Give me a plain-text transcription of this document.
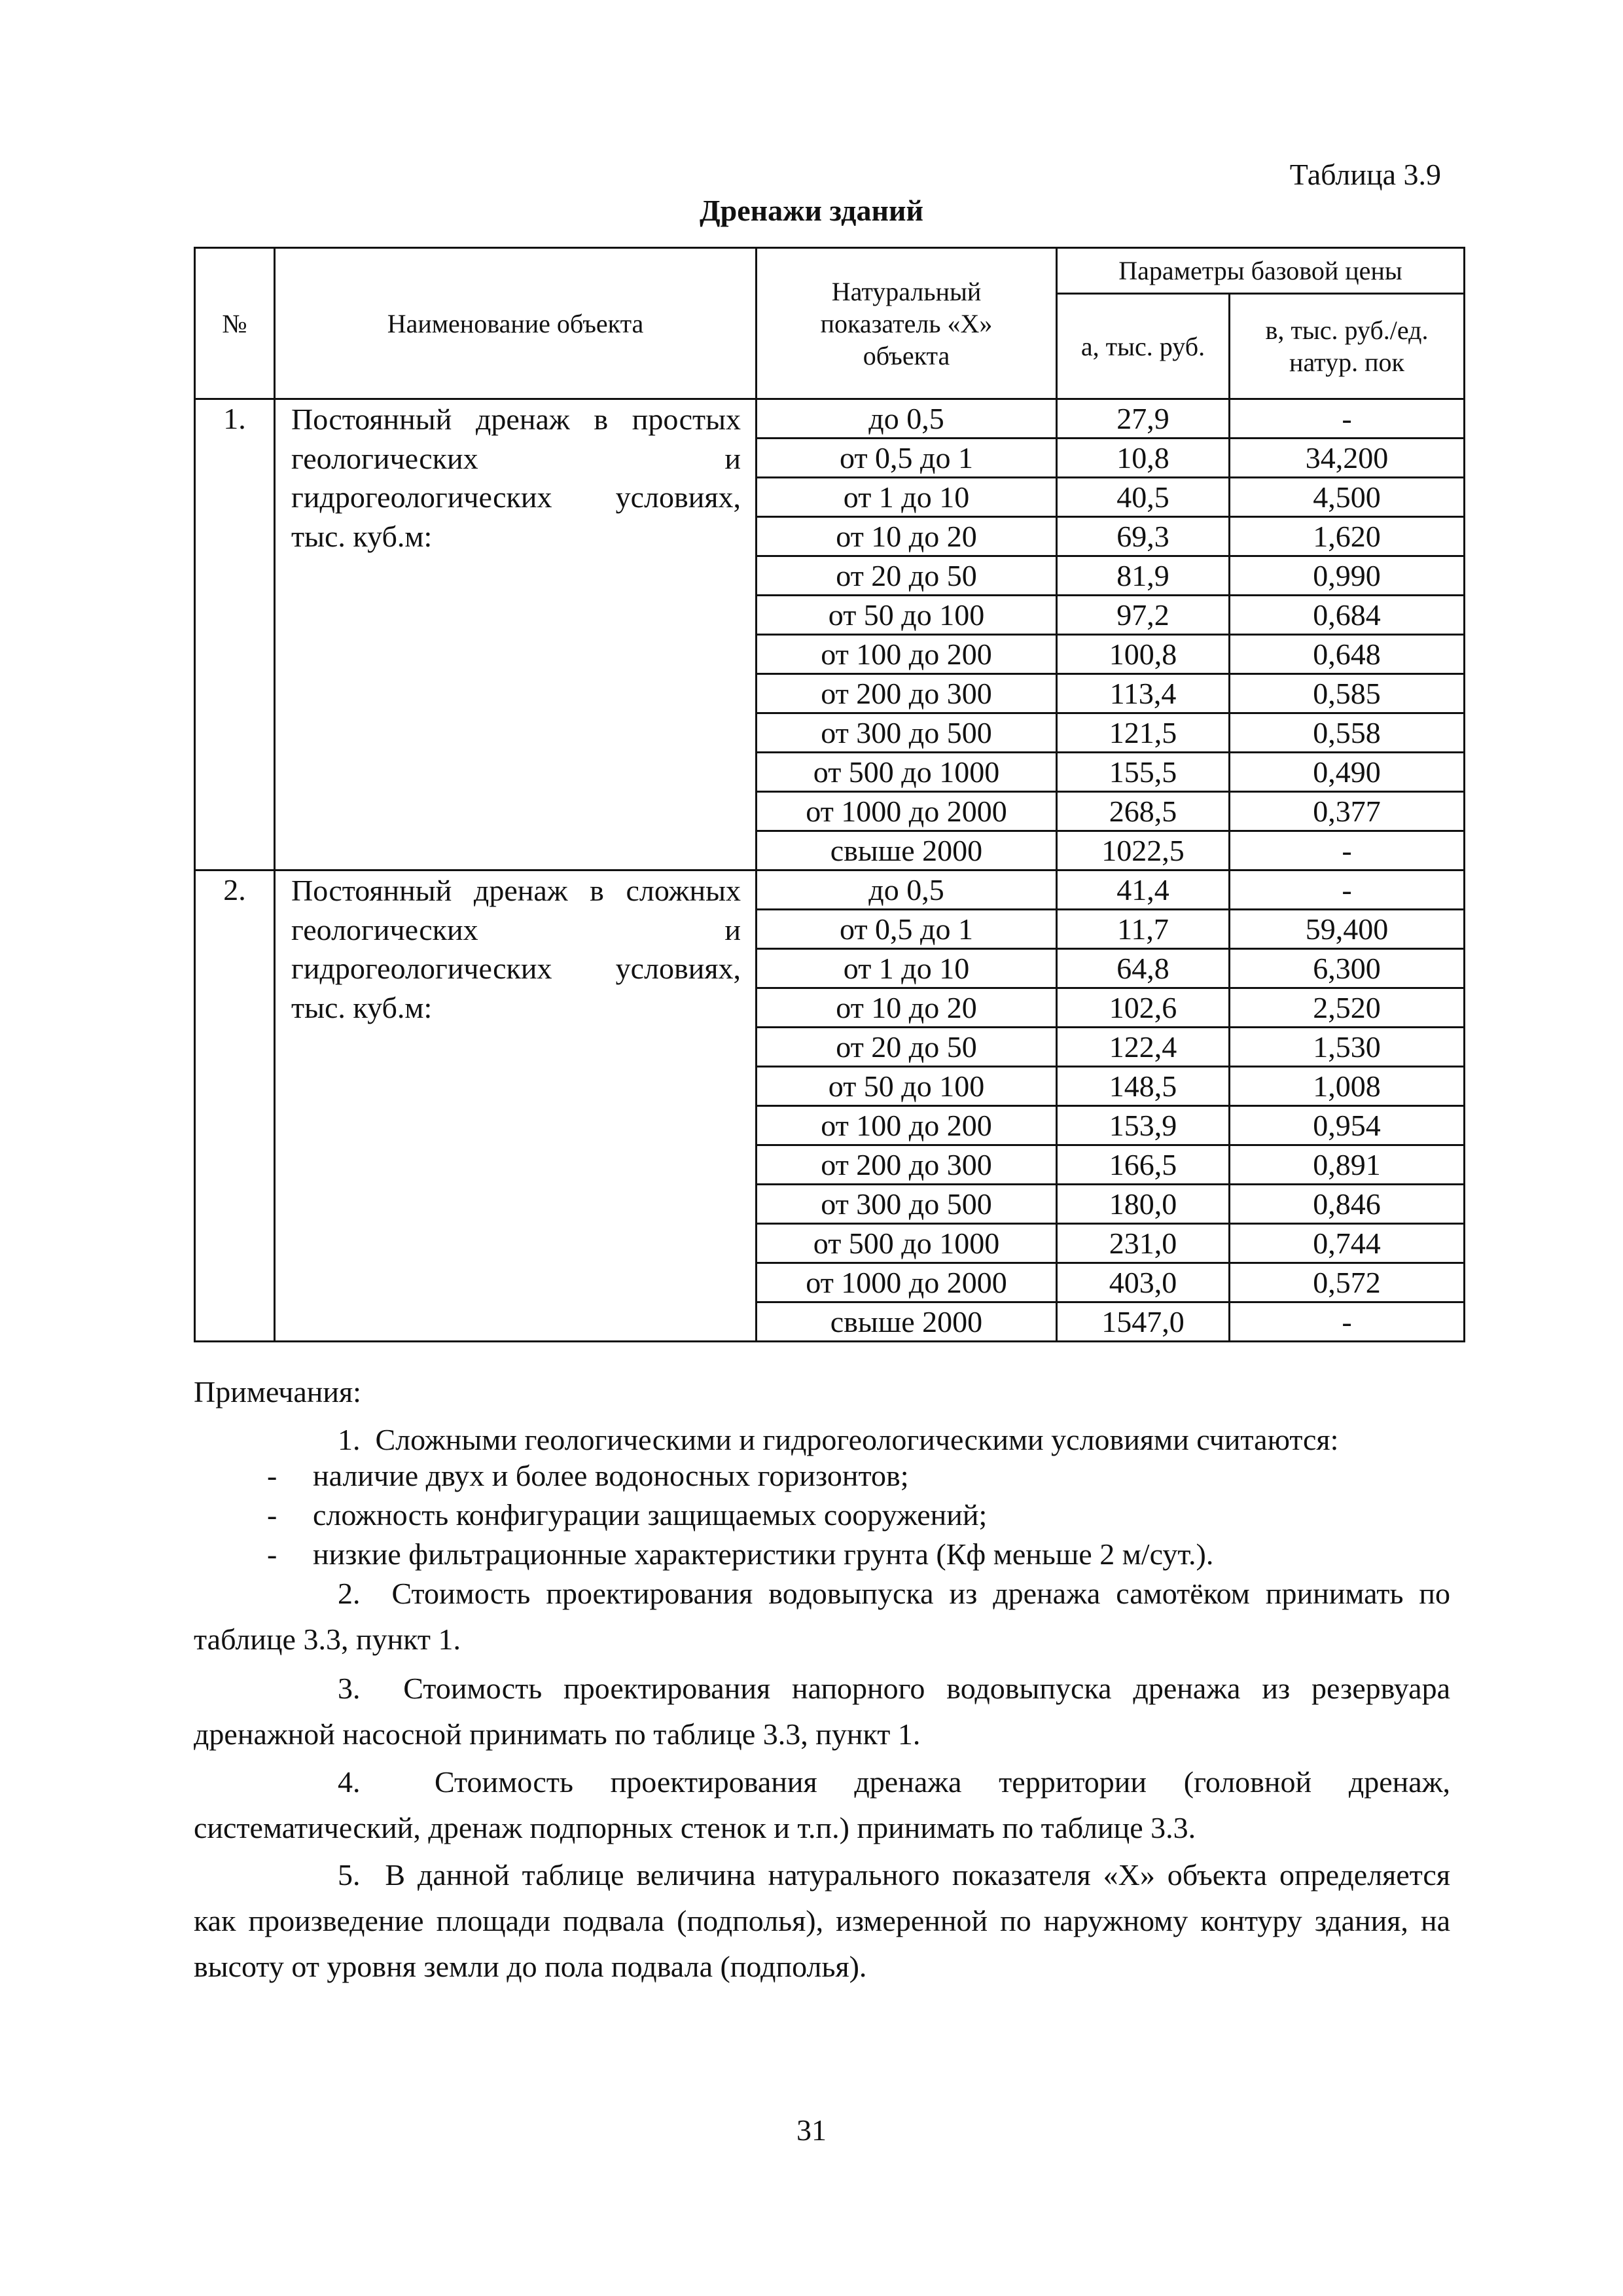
Таблица 3.9
Дренажи зданий
№	Наименование объекта	Натуральный показатель «Х» объекта	Параметры базовой цены	

			а, тыс. руб.	в, тыс. руб./ед. натур. пок

1.	Постоянный дренаж в простых геологических и гидрогеологических условиях, тыс. куб.м:	до 0,5	27,9	-
		от 0,5 до 1	10,8	34,200
		от 1 до 10	40,5	4,500
		от 10 до 20	69,3	1,620
		от 20 до 50	81,9	0,990
		от 50 до 100	97,2	0,684
		от 100 до 200	100,8	0,648
		от 200 до 300	113,4	0,585
		от 300 до 500	121,5	0,558
		от 500 до 1000	155,5	0,490
		от 1000 до 2000	268,5	0,377
		свыше 2000	1022,5	-
2.	Постоянный дренаж в сложных геологических и гидрогеологических условиях, тыс. куб.м:	до 0,5	41,4	-
		от 0,5 до 1	11,7	59,400
		от 1 до 10	64,8	6,300
		от 10 до 20	102,6	2,520
		от 20 до 50	122,4	1,530
		от 50 до 100	148,5	1,008
		от 100 до 200	153,9	0,954
		от 200 до 300	166,5	0,891
		от 300 до 500	180,0	0,846
		от 500 до 1000	231,0	0,744
		от 1000 до 2000	403,0	0,572
		свыше 2000	1547,0	-
Примечания:
1. Сложными геологическими и гидрогеологическими условиями считаются:
- наличие двух и более водоносных горизонтов;
- сложность конфигурации защищаемых сооружений;
- низкие фильтрационные характеристики грунта (Кф меньше 2 м/сут.).
2. Стоимость проектирования водовыпуска из дренажа самотёком принимать по таблице 3.3, пункт 1.
3. Стоимость проектирования напорного водовыпуска дренажа из резервуара дренажной насосной принимать по таблице 3.3, пункт 1.
4. Стоимость проектирования дренажа территории (головной дренаж, систематический, дренаж подпорных стенок и т.п.) принимать по таблице 3.3.
5. В данной таблице величина натурального показателя «Х» объекта определяется как произведение площади подвала (подполья), измеренной по наружному контуру здания, на высоту от уровня земли до пола подвала (подполья).
31
